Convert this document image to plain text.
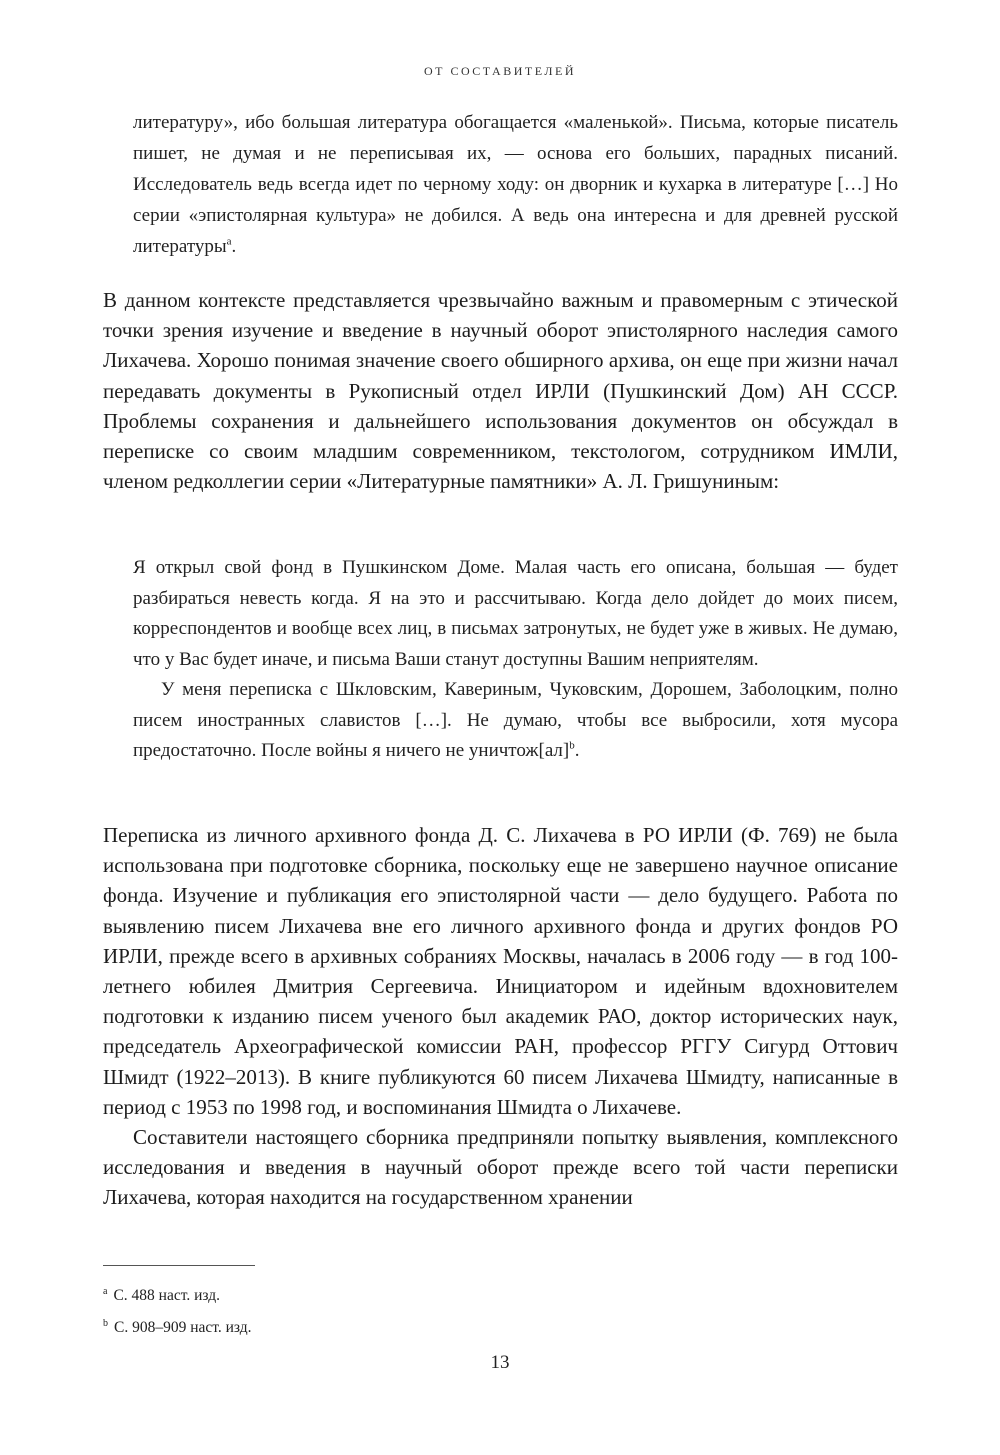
ОТ СОСТАВИТЕЛЕЙ

литературу», ибо большая литература обогащается «маленькой». Письма, которые писатель пишет, не думая и не переписывая их, — основа его больших, парадных писаний. Исследователь ведь всегда идет по черному ходу: он дворник и кухарка в литературе […] Но серии «эпистолярная культура» не добился. А ведь она интересна и для древней русской литературы$^a$.

В данном контексте представляется чрезвычайно важным и правомерным с этической точки зрения изучение и введение в научный оборот эпистолярного наследия самого Лихачева. Хорошо понимая значение своего обширного архива, он еще при жизни начал передавать документы в Рукописный отдел ИРЛИ (Пушкинский Дом) АН СССР. Проблемы сохранения и дальнейшего использования документов он обсуждал в переписке со своим младшим современником, текстологом, сотрудником ИМЛИ, членом редколлегии серии «Литературные памятники» А. Л. Гришуниным:

Я открыл свой фонд в Пушкинском Доме. Малая часть его описана, большая — будет разбираться невесть когда. Я на это и рассчитываю. Когда дело дойдет до моих писем, корреспондентов и вообще всех лиц, в письмах затронутых, не будет уже в живых. Не думаю, что у Вас будет иначе, и письма Ваши станут доступны Вашим неприятелям.

У меня переписка с Шкловским, Кавериным, Чуковским, Дорошем, Заболоцким, полно писем иностранных славистов […]. Не думаю, чтобы все выбросили, хотя мусора предостаточно. После войны я ничего не уничтож[ал]$^b$.

Переписка из личного архивного фонда Д. С. Лихачева в РО ИРЛИ (Ф. 769) не была использована при подготовке сборника, поскольку еще не завершено научное описание фонда. Изучение и публикация его эпистолярной части — дело будущего. Работа по выявлению писем Лихачева вне его личного архивного фонда и других фондов РО ИРЛИ, прежде всего в архивных собраниях Москвы, началась в 2006 году — в год 100-летнего юбилея Дмитрия Сергеевича. Инициатором и идейным вдохновителем подготовки к изданию писем ученого был академик РАО, доктор исторических наук, председатель Археографической комиссии РАН, профессор РГГУ Сигурд Оттович Шмидт (1922–2013). В книге публикуются 60 писем Лихачева Шмидту, написанные в период с 1953 по 1998 год, и воспоминания Шмидта о Лихачеве.

Составители настоящего сборника предприняли попытку выявления, комплексного исследования и введения в научный оборот прежде всего той части переписки Лихачева, которая находится на государственном хранении

$^a$ С. 488 наст. изд.
$^b$ С. 908–909 наст. изд.
13
